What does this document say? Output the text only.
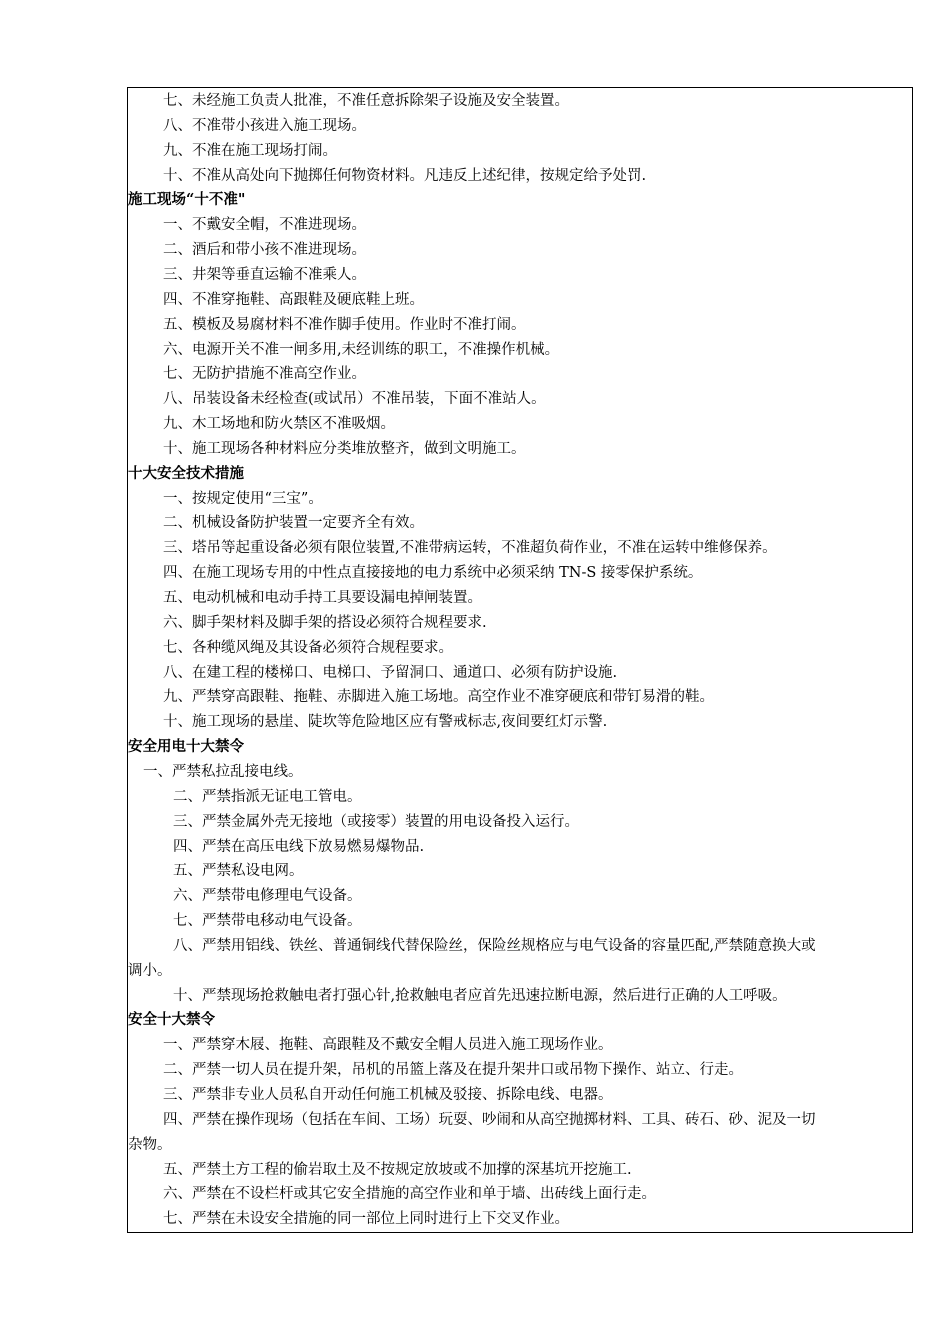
七、未经施工负责人批准，不准任意拆除架子设施及安全装置。
八、不准带小孩进入施工现场。
九、不准在施工现场打闹。
十、不准从高处向下抛掷任何物资材料。凡违反上述纪律，按规定给予处罚.
施工现场“十不准"
一、不戴安全帽，不准进现场。
二、酒后和带小孩不准进现场。
三、井架等垂直运输不准乘人。
四、不准穿拖鞋、高跟鞋及硬底鞋上班。
五、模板及易腐材料不准作脚手使用。作业时不准打闹。
六、电源开关不准一闸多用,未经训练的职工，不准操作机械。
七、无防护措施不准高空作业。
八、吊装设备未经检查(或试吊）不准吊装，下面不准站人。
九、木工场地和防火禁区不准吸烟。
十、施工现场各种材料应分类堆放整齐，做到文明施工。
十大安全技术措施
一、按规定使用“三宝”。
二、机械设备防护装置一定要齐全有效。
三、塔吊等起重设备必须有限位装置,不准带病运转，不准超负荷作业，不准在运转中维修保养。
四、在施工现场专用的中性点直接接地的电力系统中必须采纳 TN-S 接零保护系统。
五、电动机械和电动手持工具要设漏电掉闸装置。
六、脚手架材料及脚手架的搭设必须符合规程要求.
七、各种缆风绳及其设备必须符合规程要求。
八、在建工程的楼梯口、电梯口、予留洞口、通道口、必须有防护设施.
九、严禁穿高跟鞋、拖鞋、赤脚进入施工场地。高空作业不准穿硬底和带钉易滑的鞋。
十、施工现场的悬崖、陡坎等危险地区应有警戒标志,夜间要红灯示警.
安全用电十大禁令
一、严禁私拉乱接电线。
二、严禁指派无证电工管电。
三、严禁金属外壳无接地（或接零）装置的用电设备投入运行。
四、严禁在高压电线下放易燃易爆物品.
五、严禁私设电网。
六、严禁带电修理电气设备。
七、严禁带电移动电气设备。
八、严禁用铝线、铁丝、普通铜线代替保险丝，保险丝规格应与电气设备的容量匹配,严禁随意换大或
调小。
十、严禁现场抢救触电者打强心针,抢救触电者应首先迅速拉断电源，然后进行正确的人工呼吸。
安全十大禁令
一、严禁穿木屐、拖鞋、高跟鞋及不戴安全帽人员进入施工现场作业。
二、严禁一切人员在提升架，吊机的吊篮上落及在提升架井口或吊物下操作、站立、行走。
三、严禁非专业人员私自开动任何施工机械及驳接、拆除电线、电器。
四、严禁在操作现场（包括在车间、工场）玩耍、吵闹和从高空抛掷材料、工具、砖石、砂、泥及一切
杂物。
五、严禁土方工程的偷岩取土及不按规定放坡或不加撑的深基坑开挖施工.
六、严禁在不设栏杆或其它安全措施的高空作业和单于墙、出砖线上面行走。
七、严禁在未设安全措施的同一部位上同时进行上下交叉作业。
